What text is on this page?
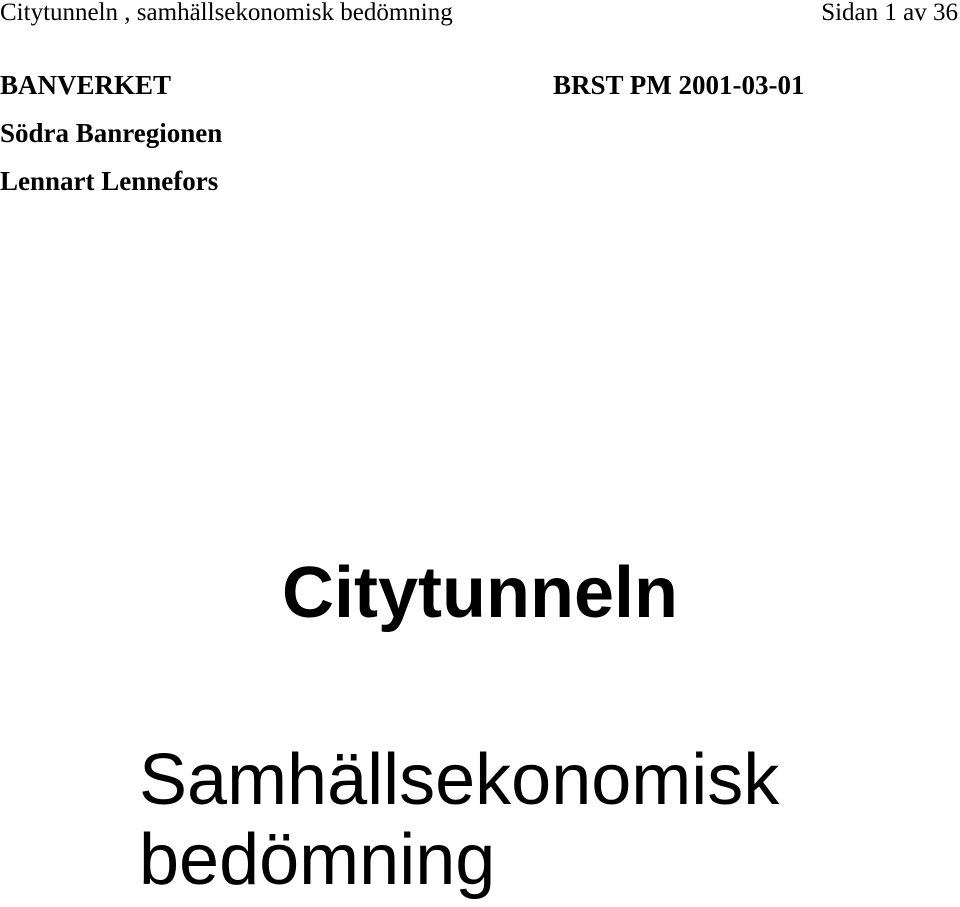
Citytunneln , samhällsekonomisk bedömning	Sidan 1 av 36
BANVERKET	BRST PM 2001-03-01
Södra Banregionen
Lennart Lennefors
Citytunneln
Samhällsekonomisk
bedömning
